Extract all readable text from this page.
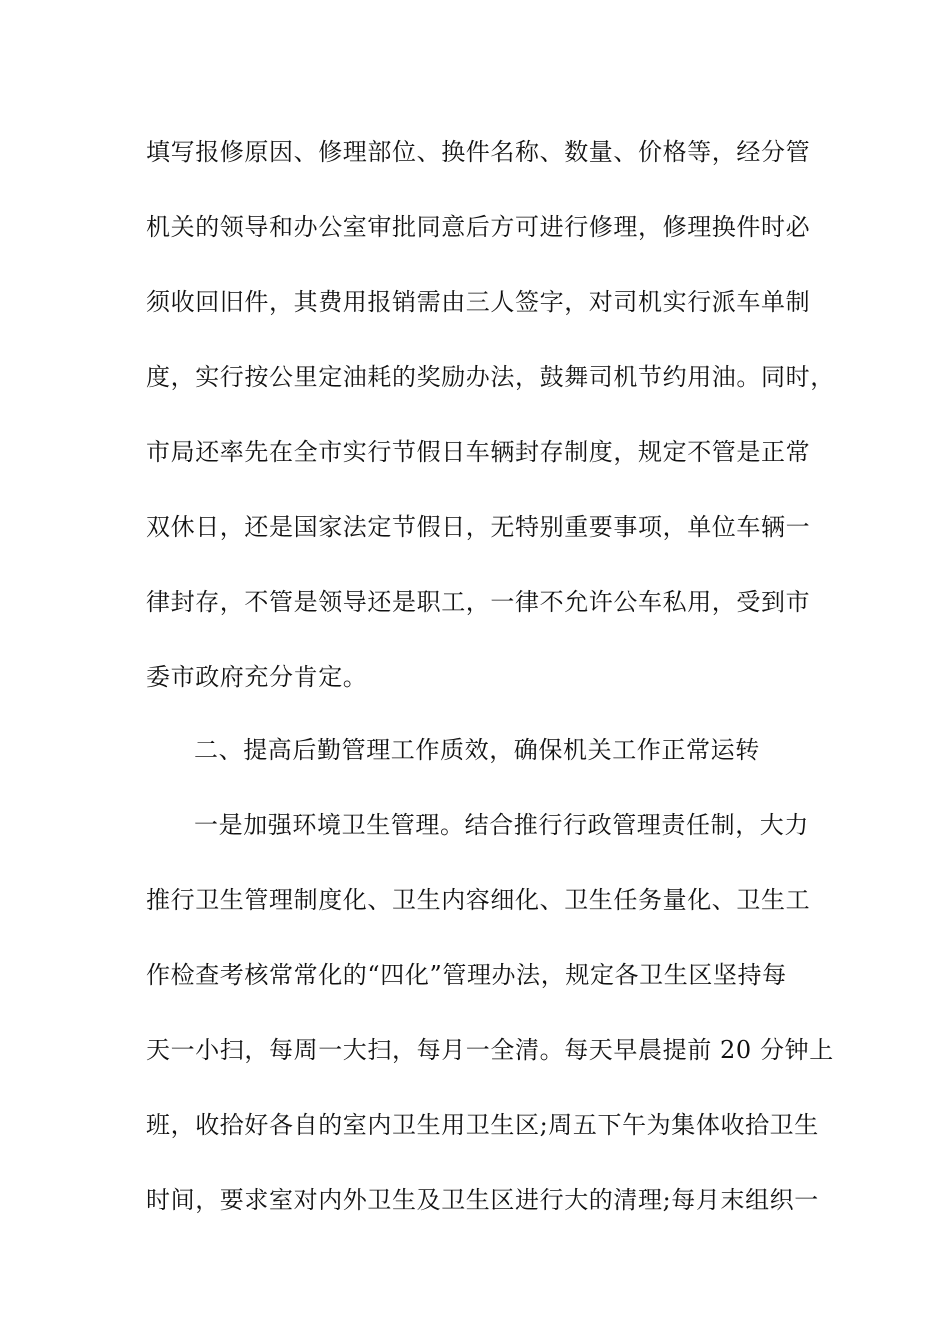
填写报修原因、修理部位、换件名称、数量、价格等，经分管
机关的领导和办公室审批同意后方可进行修理，修理换件时必
须收回旧件，其费用报销需由三人签字，对司机实行派车单制
度，实行按公里定油耗的奖励办法，鼓舞司机节约用油。同时，
市局还率先在全市实行节假日车辆封存制度，规定不管是正常
双休日，还是国家法定节假日，无特别重要事项，单位车辆一
律封存，不管是领导还是职工，一律不允许公车私用，受到市
委市政府充分肯定。
二、提高后勤管理工作质效，确保机关工作正常运转
一是加强环境卫生管理。结合推行行政管理责任制，大力
推行卫生管理制度化、卫生内容细化、卫生任务量化、卫生工
作检查考核常常化的“四化”管理办法，规定各卫生区坚持每
天一小扫，每周一大扫，每月一全清。每天早晨提前 20 分钟上
班，收拾好各自的室内卫生用卫生区;周五下午为集体收拾卫生
时间，要求室对内外卫生及卫生区进行大的清理;每月末组织一
